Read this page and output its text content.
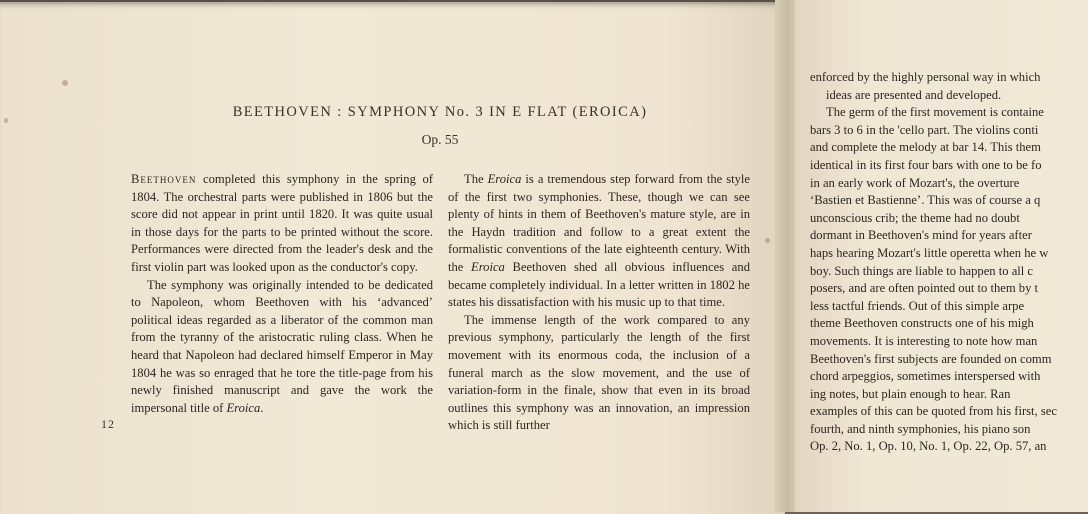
BEETHOVEN : SYMPHONY No. 3 IN E FLAT (EROICA)
Op. 55

Beethoven completed this symphony in the spring of 1804. The orchestral parts were published in 1806 but the score did not appear in print until 1820. It was quite usual in those days for the parts to be printed without the score. Performances were directed from the leader's desk and the first violin part was looked upon as the conductor's copy.

The symphony was originally intended to be dedicated to Napoleon, whom Beethoven with his ‘advanced’ political ideas regarded as a liberator of the common man from the tyranny of the aristocratic ruling class. When he heard that Napoleon had declared himself Emperor in May 1804 he was so enraged that he tore the title-page from his newly finished manuscript and gave the work the impersonal title of Eroica.

The Eroica is a tremendous step forward from the style of the first two symphonies. These, though we can see plenty of hints in them of Beethoven's mature style, are in the Haydn tradition and follow to a great extent the formalistic conventions of the late eighteenth century. With the Eroica Beethoven shed all obvious influences and became completely individual. In a letter written in 1802 he states his dissatisfaction with his music up to that time.

The immense length of the work compared to any previous symphony, particularly the length of the first movement with its enormous coda, the inclusion of a funeral march as the slow movement, and the use of variation-form in the finale, show that even in its broad outlines this symphony was an innovation, an impression which is still further

enforced by the highly personal way in which

ideas are presented and developed.

The germ of the first movement is containe

bars 3 to 6 in the 'cello part. The violins conti

and complete the melody at bar 14. This them

identical in its first four bars with one to be fo

in an early work of Mozart's, the overture

‘Bastien et Bastienne’. This was of course a q

unconscious crib; the theme had no doubt

dormant in Beethoven's mind for years after

haps hearing Mozart's little operetta when he w

boy. Such things are liable to happen to all c

posers, and are often pointed out to them by t

less tactful friends. Out of this simple arpe

theme Beethoven constructs one of his migh

movements. It is interesting to note how man

Beethoven's first subjects are founded on comm

chord arpeggios, sometimes interspersed with

ing notes, but plain enough to hear. Ran

examples of this can be quoted from his first, sec

fourth, and ninth symphonies, his piano son

Op. 2, No. 1, Op. 10, No. 1, Op. 22, Op. 57, an

12
